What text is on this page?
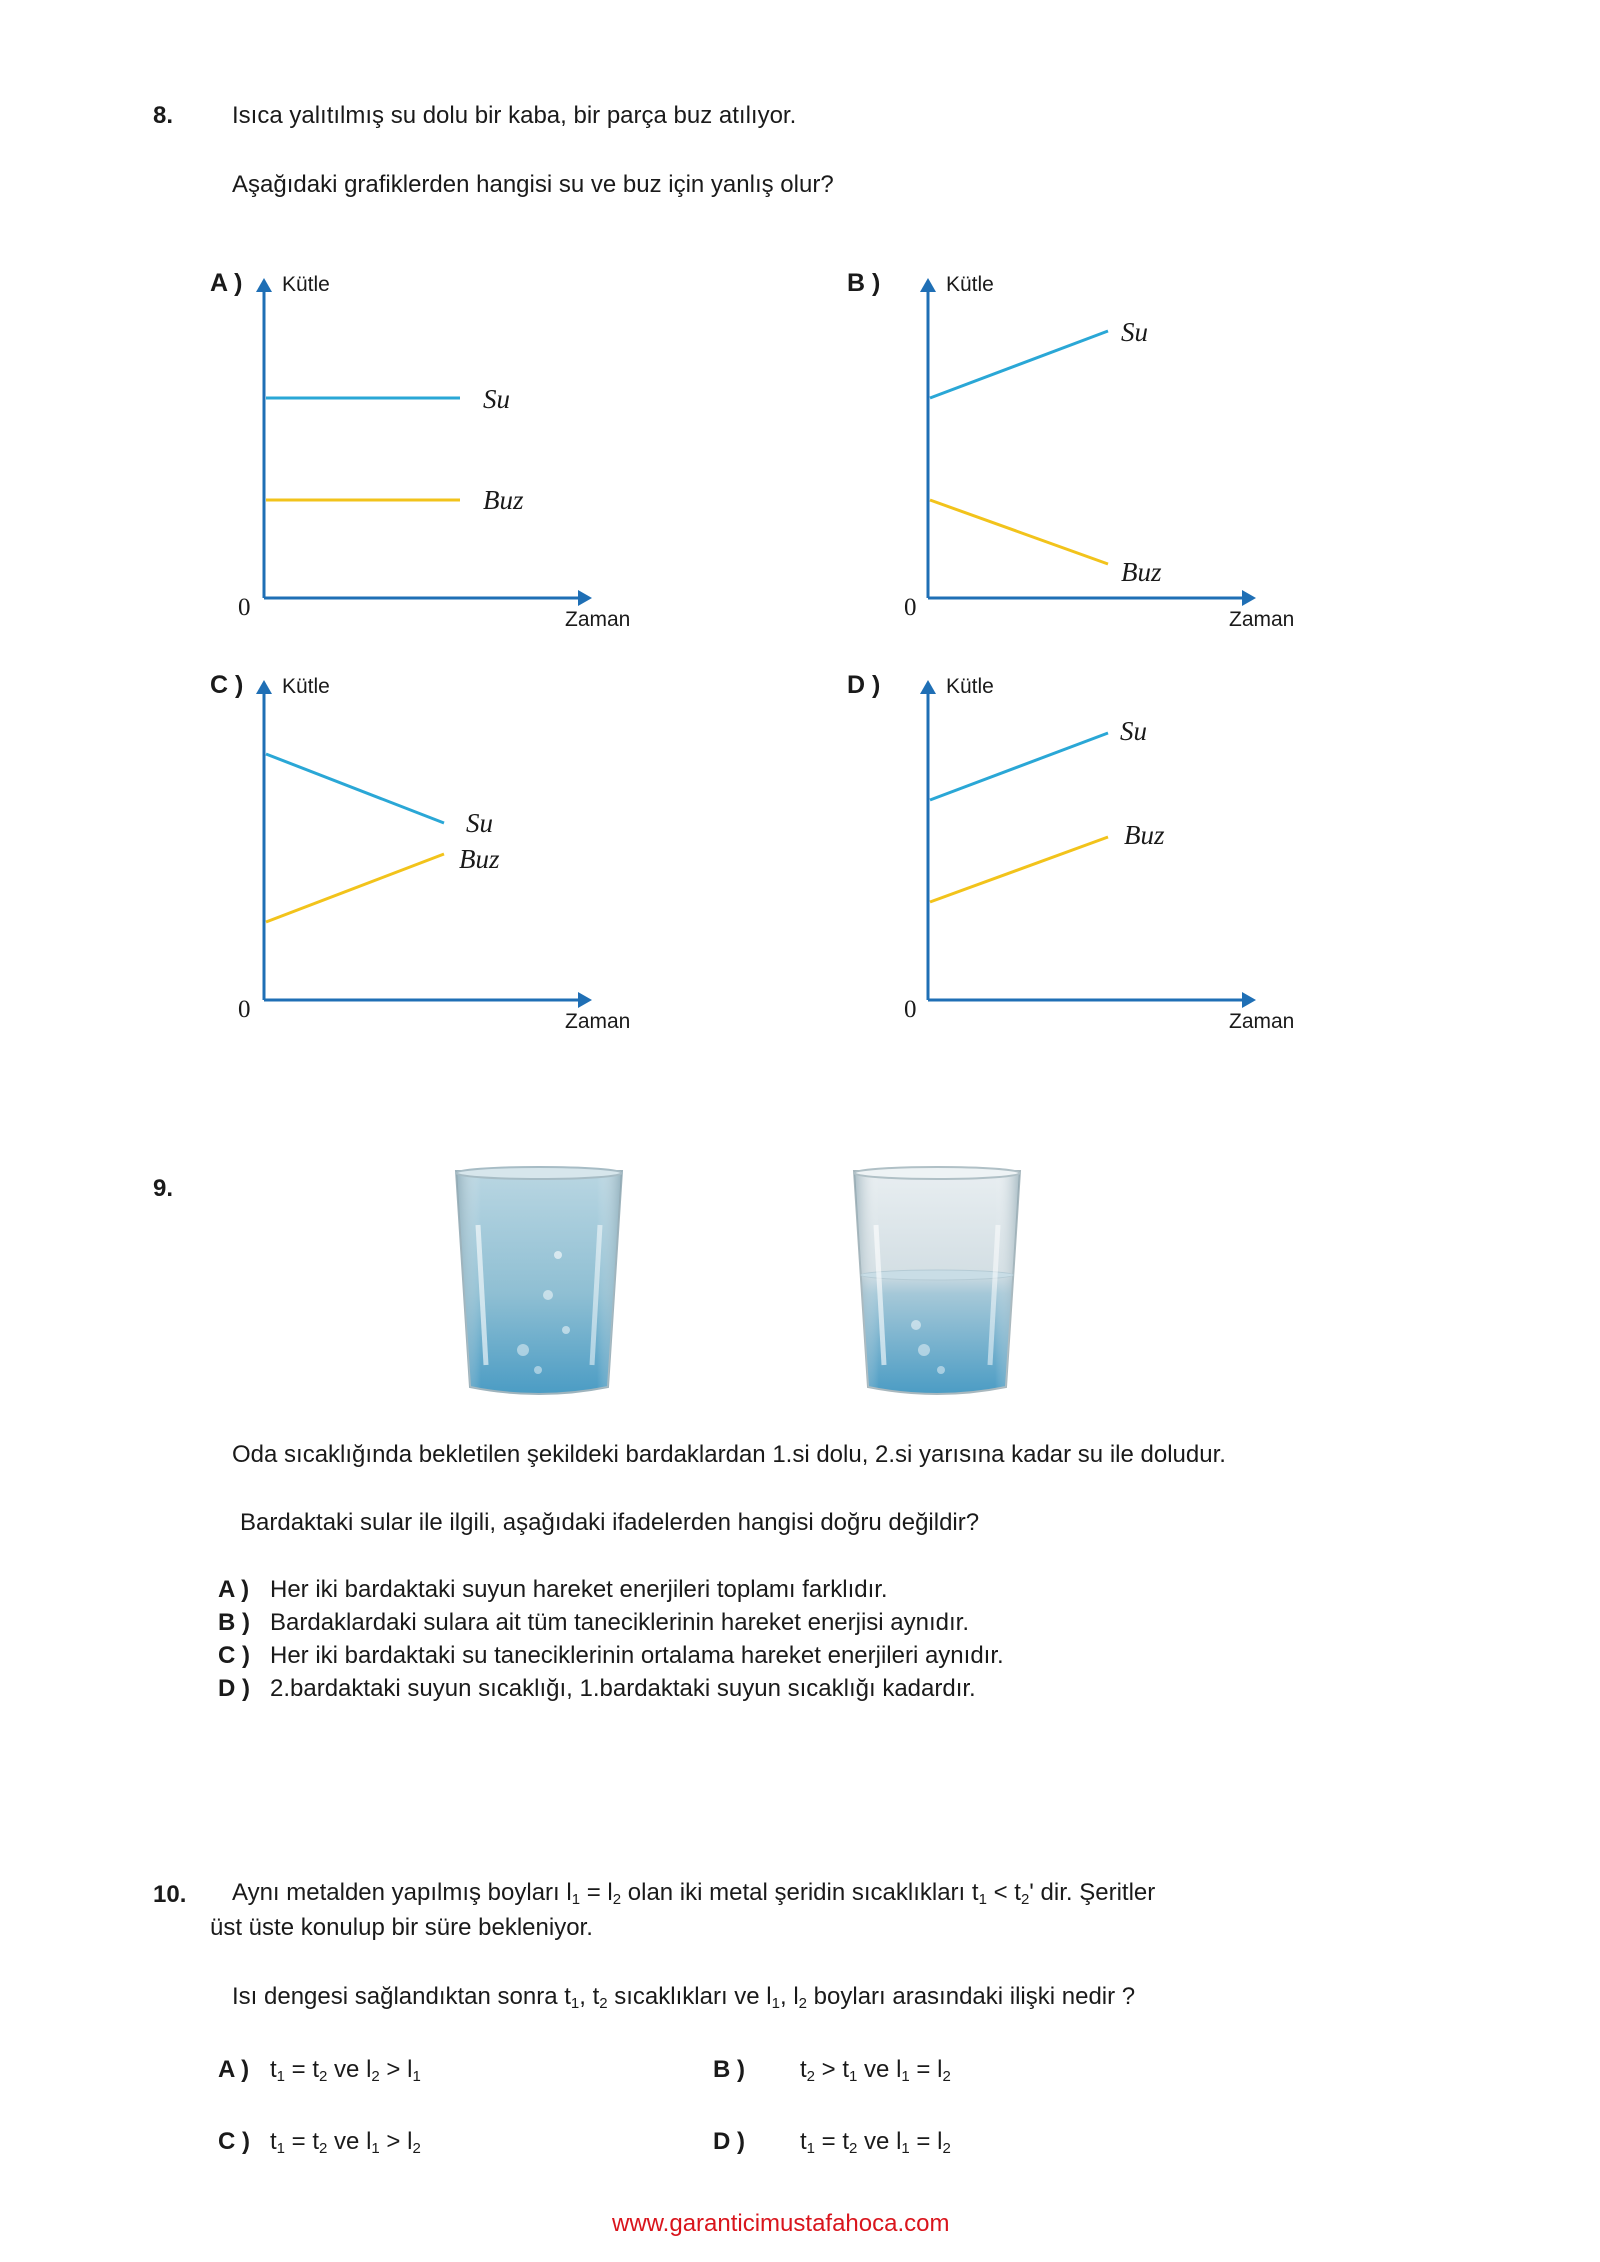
8. Isıca yalıtılmış su dolu bir kaba, bir parça buz atılıyor.
Aşağıdaki grafiklerden hangisi su ve buz için yanlış olur?
A ) Kütle
0	Zaman
Su
Buz
B )	Kütle
0	Zaman
Su
Buz
C ) Kütle
0	Zaman
Su
Buz
D )	Kütle
0	Zaman
Su
Buz
9.
Oda sıcaklığında bekletilen şekildeki bardaklardan 1.si dolu, 2.si yarısına kadar su ile doludur.
Bardaktaki sular ile ilgili, aşağıdaki ifadelerden hangisi doğru değildir?
A ) Her iki bardaktaki suyun hareket enerjileri toplamı farklıdır.
B ) Bardaklardaki sulara ait tüm taneciklerinin hareket enerjisi aynıdır.
C ) Her iki bardaktaki su taneciklerinin ortalama hareket enerjileri aynıdır.
D ) 2.bardaktaki suyun sıcaklığı, 1.bardaktaki suyun sıcaklığı kadardır.
10. Aynı metalden yapılmış boyları $l_1 = l_2$ olan iki metal şeridin sıcaklıkları $t_1 < t_2'$ dir. Şeritler
üst üste konulup bir süre bekleniyor.
Isı dengesi sağlandıktan sonra $t_1$, $t_2$ sıcaklıkları ve $l_1$, $l_2$ boyları arasındaki ilişki nedir ?
A ) $t_1 = t_2$ ve $l_2 > l_1$	B ) $t_2 > t_1$ ve $l_1 = l_2$
C ) $t_1 = t_2$ ve $l_1 > l_2$	D ) $t_1 = t_2$ ve $l_1 = l_2$
www.garanticimustafahoca.com
